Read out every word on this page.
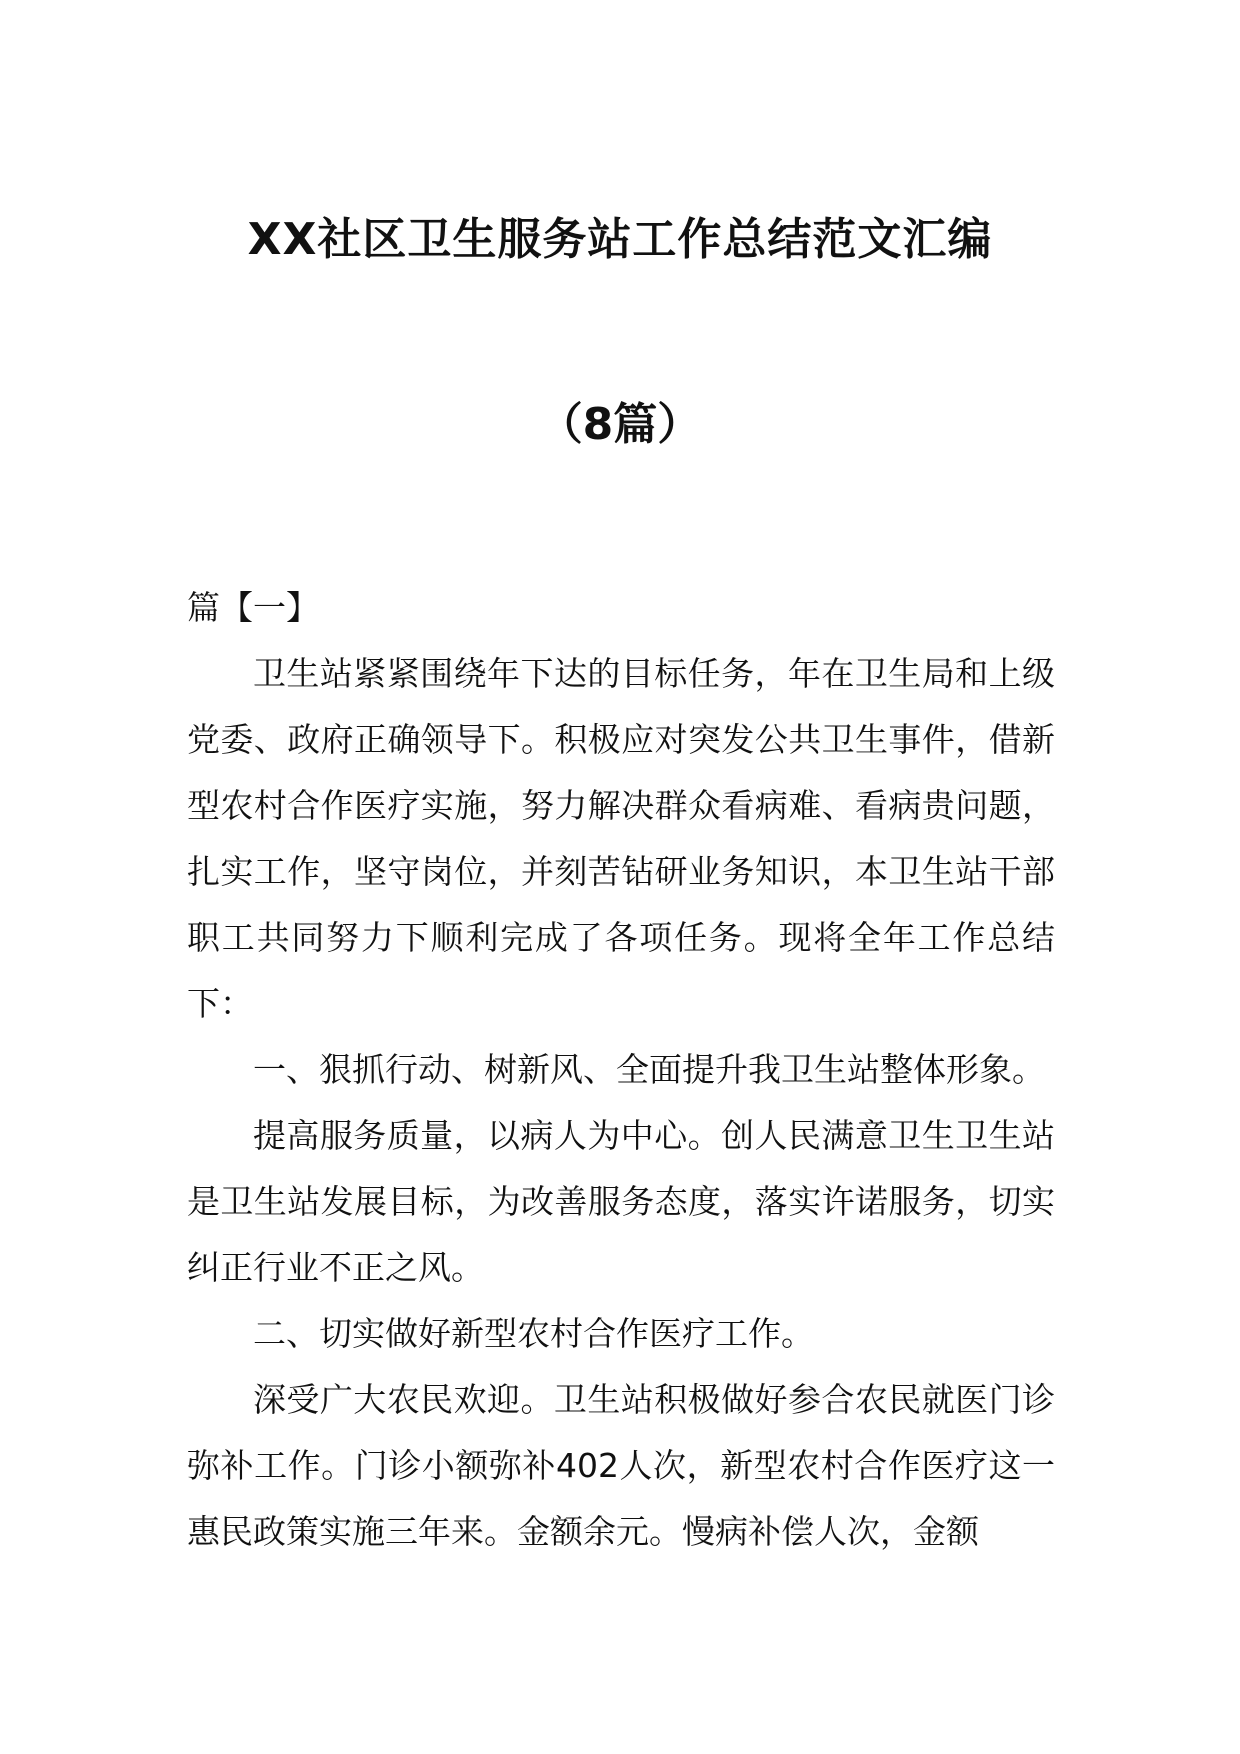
XX社区卫生服务站工作总结范文汇编
（8篇）

篇【一】

卫生站紧紧围绕年下达的目标任务，年在卫生局和上级党委、政府正确领导下。积极应对突发公共卫生事件，借新型农村合作医疗实施，努力解决群众看病难、看病贵问题，扎实工作，坚守岗位，并刻苦钻研业务知识，本卫生站干部职工共同努力下顺利完成了各项任务。现将全年工作总结下：

一、狠抓行动、树新风、全面提升我卫生站整体形象。

提高服务质量，以病人为中心。创人民满意卫生卫生站是卫生站发展目标，为改善服务态度，落实许诺服务，切实纠正行业不正之风。

二、切实做好新型农村合作医疗工作。

深受广大农民欢迎。卫生站积极做好参合农民就医门诊弥补工作。门诊小额弥补402人次，新型农村合作医疗这一惠民政策实施三年来。金额余元。慢病补偿人次，金额
